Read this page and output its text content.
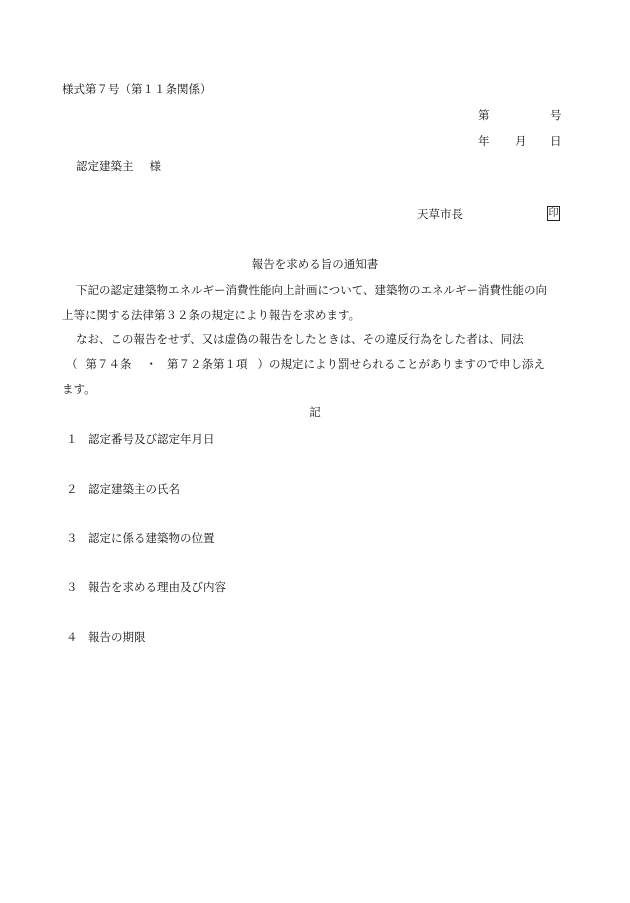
様式第７号（第１１条関係）
第	号
年 月 日
認定建築主 様
天草市長	印
報告を求める旨の通知書
下記の認定建築物エネルギー消費性能向上計画について、建築物のエネルギー消費性能の向
上等に関する法律第３２条の規定により報告を求めます。
なお、この報告をせず、又は虚偽の報告をしたときは、その違反行為をした者は、同法
（ 第７４条 ・ 第７２条第１項 ）の規定により罰せられることがありますので申し添え
ます。
記
１ 認定番号及び認定年月日
２ 認定建築主の氏名
３ 認定に係る建築物の位置
３ 報告を求める理由及び内容
４ 報告の期限
